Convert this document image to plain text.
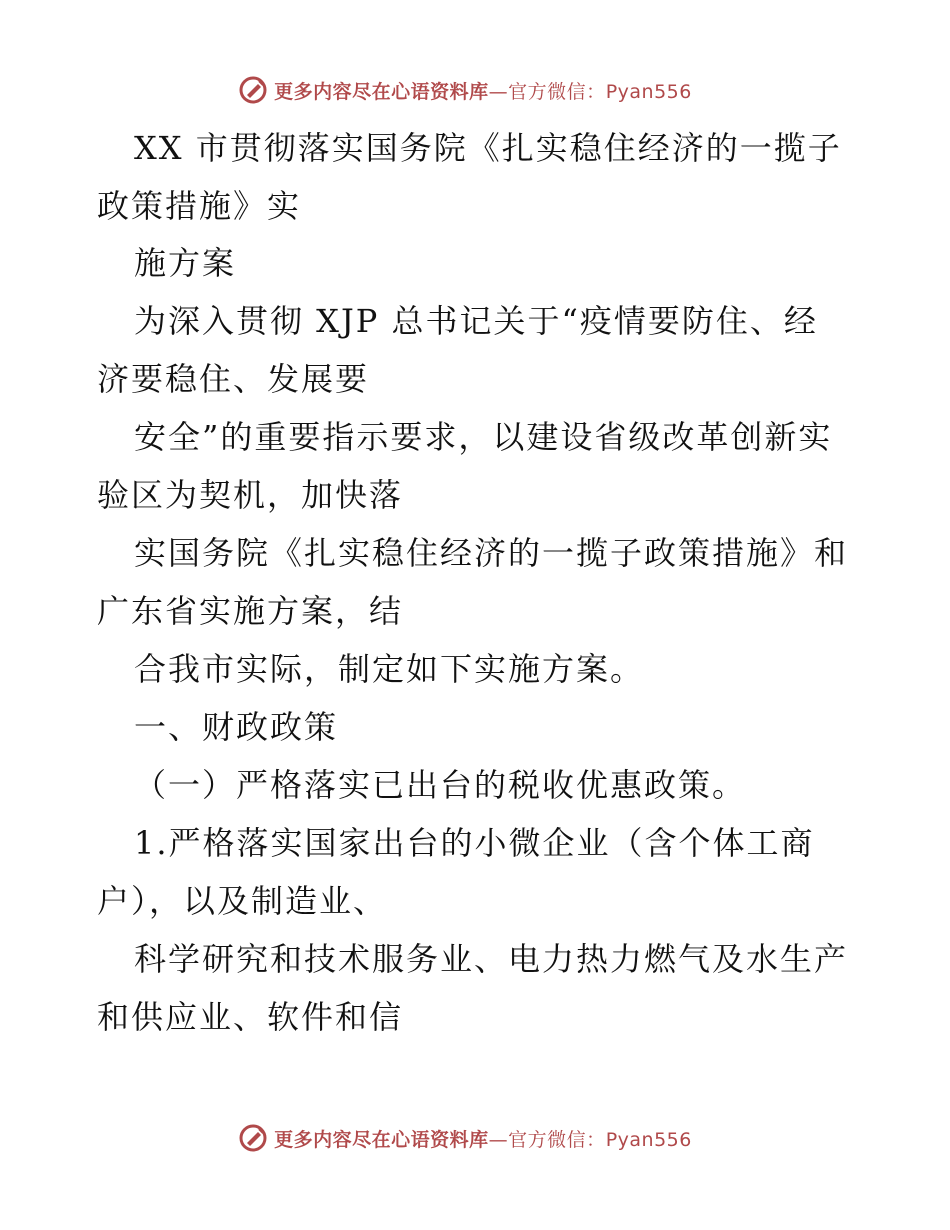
更多内容尽在心语资料库—官方微信：Pyan556
XX 市贯彻落实国务院《扎实稳住经济的一揽子
政策措施》实
施方案
为深入贯彻 XJP 总书记关于“疫情要防住、经
济要稳住、发展要
安全”的重要指示要求，以建设省级改革创新实
验区为契机，加快落
实国务院《扎实稳住经济的一揽子政策措施》和
广东省实施方案，结
合我市实际，制定如下实施方案。
一、财政政策
（一）严格落实已出台的税收优惠政策。
1.严格落实国家出台的小微企业（含个体工商
户），以及制造业、
科学研究和技术服务业、电力热力燃气及水生产
和供应业、软件和信
更多内容尽在心语资料库—官方微信：Pyan556
